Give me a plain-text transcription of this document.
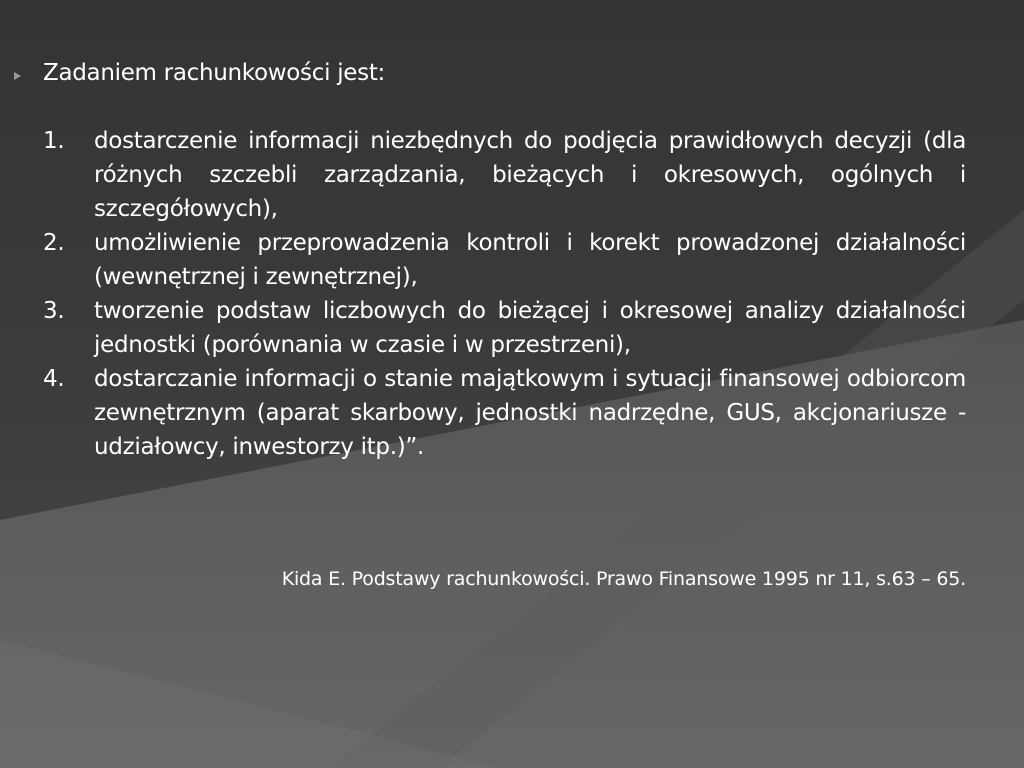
Zadaniem rachunkowości jest:

1. dostarczenie informacji niezbędnych do podjęcia prawidłowych decyzji (dla różnych szczebli zarządzania, bieżących i okresowych, ogólnych i szczegółowych),
2. umożliwienie przeprowadzenia kontroli i korekt prowadzonej działalności (wewnętrznej i zewnętrznej),
3. tworzenie podstaw liczbowych do bieżącej i okresowej analizy działalności jednostki (porównania w czasie i w przestrzeni),
4. dostarczanie informacji o stanie majątkowym i sytuacji finansowej odbiorcom zewnętrznym (aparat skarbowy, jednostki nadrzędne, GUS, akcjonariusze - udziałowcy, inwestorzy itp.)”.
Kida E. Podstawy rachunkowości. Prawo Finansowe 1995 nr 11, s.63 – 65.
